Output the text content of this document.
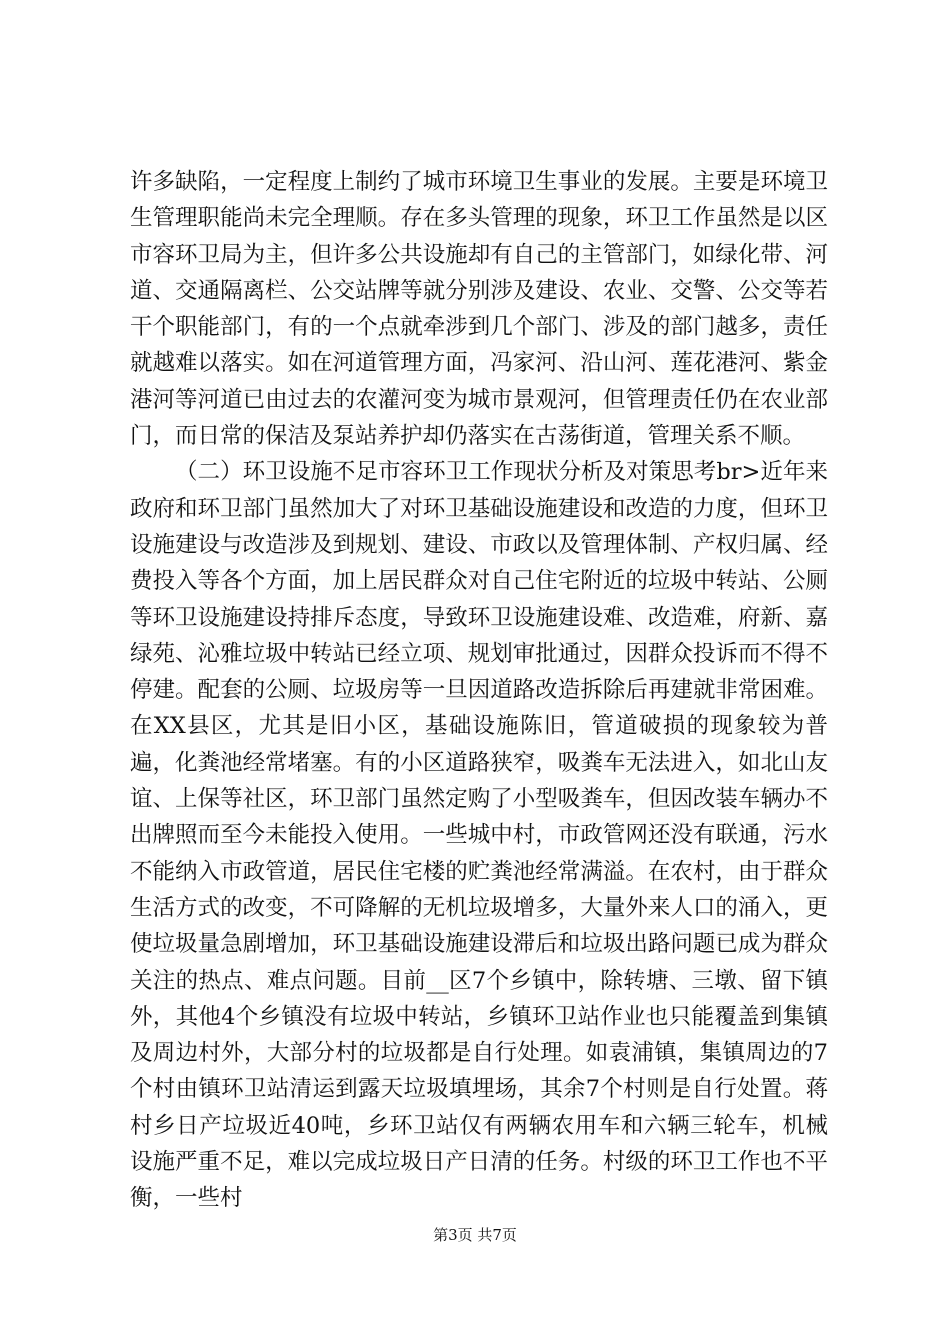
许多缺陷，一定程度上制约了城市环境卫生事业的发展。主要是环境卫生管理职能尚未完全理顺。存在多头管理的现象，环卫工作虽然是以区市容环卫局为主，但许多公共设施却有自己的主管部门，如绿化带、河道、交通隔离栏、公交站牌等就分别涉及建设、农业、交警、公交等若干个职能部门，有的一个点就牵涉到几个部门、涉及的部门越多，责任就越难以落实。如在河道管理方面，冯家河、沿山河、莲花港河、紫金港河等河道已由过去的农灌河变为城市景观河，但管理责任仍在农业部门，而日常的保洁及泵站养护却仍落实在古荡街道，管理关系不顺。

（二）环卫设施不足市容环卫工作现状分析及对策思考br>近年来政府和环卫部门虽然加大了对环卫基础设施建设和改造的力度，但环卫设施建设与改造涉及到规划、建设、市政以及管理体制、产权归属、经费投入等各个方面，加上居民群众对自己住宅附近的垃圾中转站、公厕等环卫设施建设持排斥态度，导致环卫设施建设难、改造难，府新、嘉绿苑、沁雅垃圾中转站已经立项、规划审批通过，因群众投诉而不得不停建。配套的公厕、垃圾房等一旦因道路改造拆除后再建就非常困难。在XX县区，尤其是旧小区，基础设施陈旧，管道破损的现象较为普遍，化粪池经常堵塞。有的小区道路狭窄，吸粪车无法进入，如北山友谊、上保等社区，环卫部门虽然定购了小型吸粪车，但因改装车辆办不出牌照而至今未能投入使用。一些城中村，市政管网还没有联通，污水不能纳入市政管道，居民住宅楼的贮粪池经常满溢。在农村，由于群众生活方式的改变，不可降解的无机垃圾增多，大量外来人口的涌入，更使垃圾量急剧增加，环卫基础设施建设滞后和垃圾出路问题已成为群众关注的热点、难点问题。目前__区7个乡镇中，除转塘、三墩、留下镇外，其他4个乡镇没有垃圾中转站，乡镇环卫站作业也只能覆盖到集镇及周边村外，大部分村的垃圾都是自行处理。如袁浦镇，集镇周边的7个村由镇环卫站清运到露天垃圾填埋场，其余7个村则是自行处置。蒋村乡日产垃圾近40吨，乡环卫站仅有两辆农用车和六辆三轮车，机械设施严重不足，难以完成垃圾日产日清的任务。村级的环卫工作也不平衡，一些村

第3页 共7页
